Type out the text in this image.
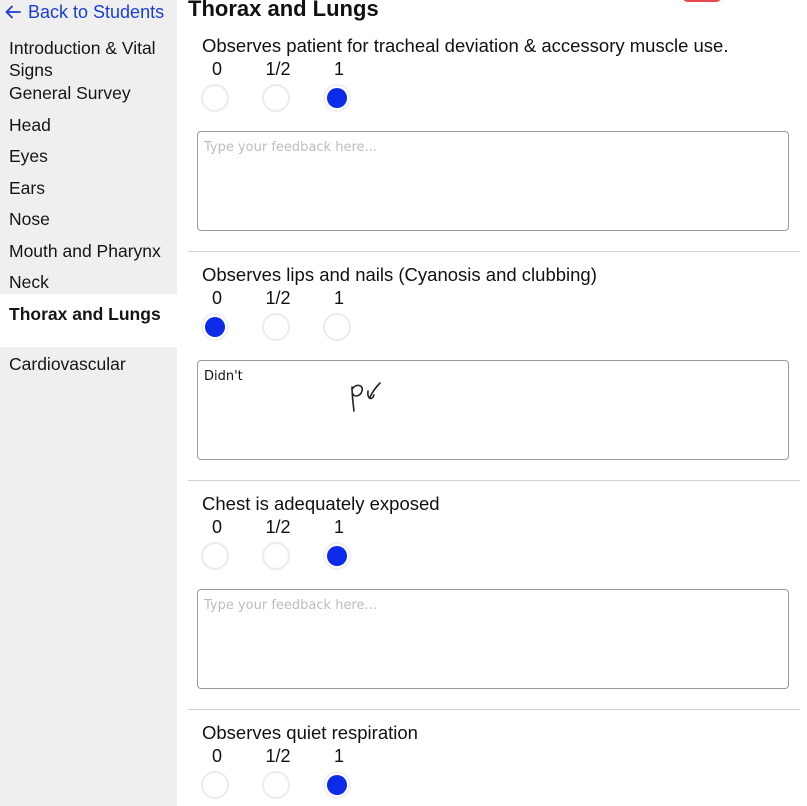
Back to Students
Introduction & Vital Signs
General Survey
Head
Eyes
Ears
Nose
Mouth and Pharynx
Neck
Thorax and Lungs
Cardiovascular
Thorax and Lungs
Observes patient for tracheal deviation & accessory muscle use.
0	1/2	1
Type your feedback here...
Observes lips and nails (Cyanosis and clubbing)
0	1/2	1
Didn't
Chest is adequately exposed
0	1/2	1
Type your feedback here...
Observes quiet respiration
0	1/2	1
